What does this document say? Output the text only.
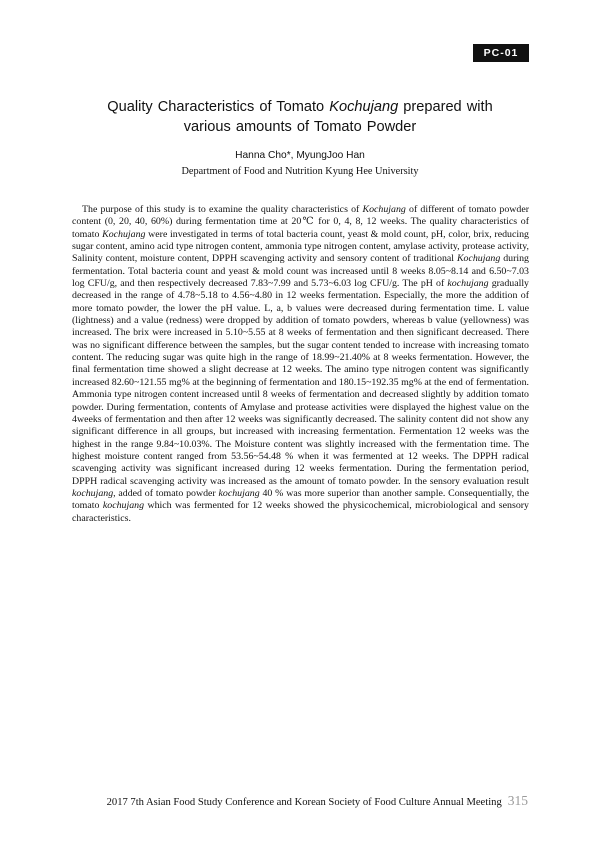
PC-01
Quality Characteristics of Tomato Kochujang prepared with
various amounts of Tomato Powder
Hanna Cho*, MyungJoo Han
Department of Food and Nutrition Kyung Hee University

The purpose of this study is to examine the quality characteristics of Kochujang of different of tomato powder content (0, 20, 40, 60%) during fermentation time at 20℃ for 0, 4, 8, 12 weeks. The quality characteristics of tomato Kochujang were investigated in terms of total bacteria count, yeast & mold count, pH, color, brix, reducing sugar content, amino acid type nitrogen content, ammonia type nitrogen content, amylase activity, protease activity, Salinity content, moisture content, DPPH scavenging activity and sensory content of traditional Kochujang during fermentation. Total bacteria count and yeast & mold count was increased until 8 weeks 8.05~8.14 and 6.50~7.03 log CFU/g, and then respectively decreased 7.83~7.99 and 5.73~6.03 log CFU/g. The pH of kochujang gradually decreased in the range of 4.78~5.18 to 4.56~4.80 in 12 weeks fermentation. Especially, the more the addition of more tomato powder, the lower the pH value. L, a, b values were decreased during fermentation time. L value (lightness) and a value (redness) were dropped by addition of tomato powders, whereas b value (yellowness) was increased. The brix were increased in 5.10~5.55 at 8 weeks of fermentation and then significant decreased. There was no significant difference between the samples, but the sugar content tended to increase with increasing tomato content. The reducing sugar was quite high in the range of 18.99~21.40% at 8 weeks fermentation. However, the final fermentation time showed a slight decrease at 12 weeks. The amino type nitrogen content was significantly increased 82.60~121.55 mg% at the beginning of fermentation and 180.15~192.35 mg% at the end of fermentation. Ammonia type nitrogen content increased until 8 weeks of fermentation and decreased slightly by addition tomato powder. During fermentation, contents of Amylase and protease activities were displayed the highest value on the 4weeks of fermentation and then after 12 weeks was significantly decreased. The salinity content did not show any significant difference in all groups, but increased with increasing fermentation. Fermentation 12 weeks was the highest in the range 9.84~10.03%. The Moisture content was slightly increased with the fermentation time. The highest moisture content ranged from 53.56~54.48 % when it was fermented at 12 weeks. The DPPH radical scavenging activity was significant increased during 12 weeks fermentation. During the fermentation period, DPPH radical scavenging activity was increased as the amount of tomato powder. In the sensory evaluation result kochujang, added of tomato powder kochujang 40 % was more superior than another sample. Consequentially, the tomato kochujang which was fermented for 12 weeks showed the physicochemical, microbiological and sensory characteristics.

2017 7th Asian Food Study Conference and Korean Society of Food Culture Annual Meeting 315
